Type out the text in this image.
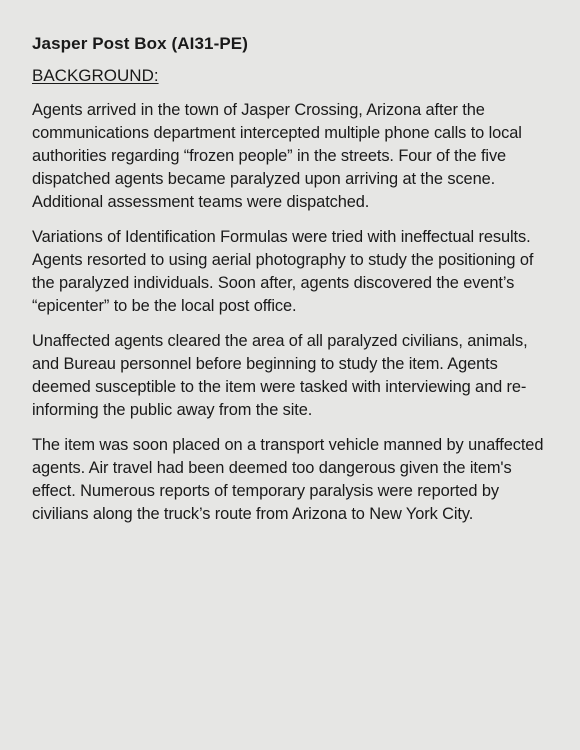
Jasper Post Box (AI31-PE)
BACKGROUND:

Agents arrived in the town of Jasper Crossing, Arizona after the communications department intercepted multiple phone calls to local authorities regarding “frozen people” in the streets. Four of the five dispatched agents became paralyzed upon arriving at the scene. Additional assessment teams were dispatched.

Variations of Identification Formulas were tried with ineffectual results. Agents resorted to using aerial photography to study the positioning of the paralyzed individuals. Soon after, agents discovered the event’s “epicenter” to be the local post office.

Unaffected agents cleared the area of all paralyzed civilians, animals, and Bureau personnel before beginning to study the item. Agents deemed susceptible to the item were tasked with interviewing and re-informing the public away from the site.

The item was soon placed on a transport vehicle manned by unaffected agents. Air travel had been deemed too dangerous given the item's effect. Numerous reports of temporary paralysis were reported by civilians along the truck’s route from Arizona to New York City.
